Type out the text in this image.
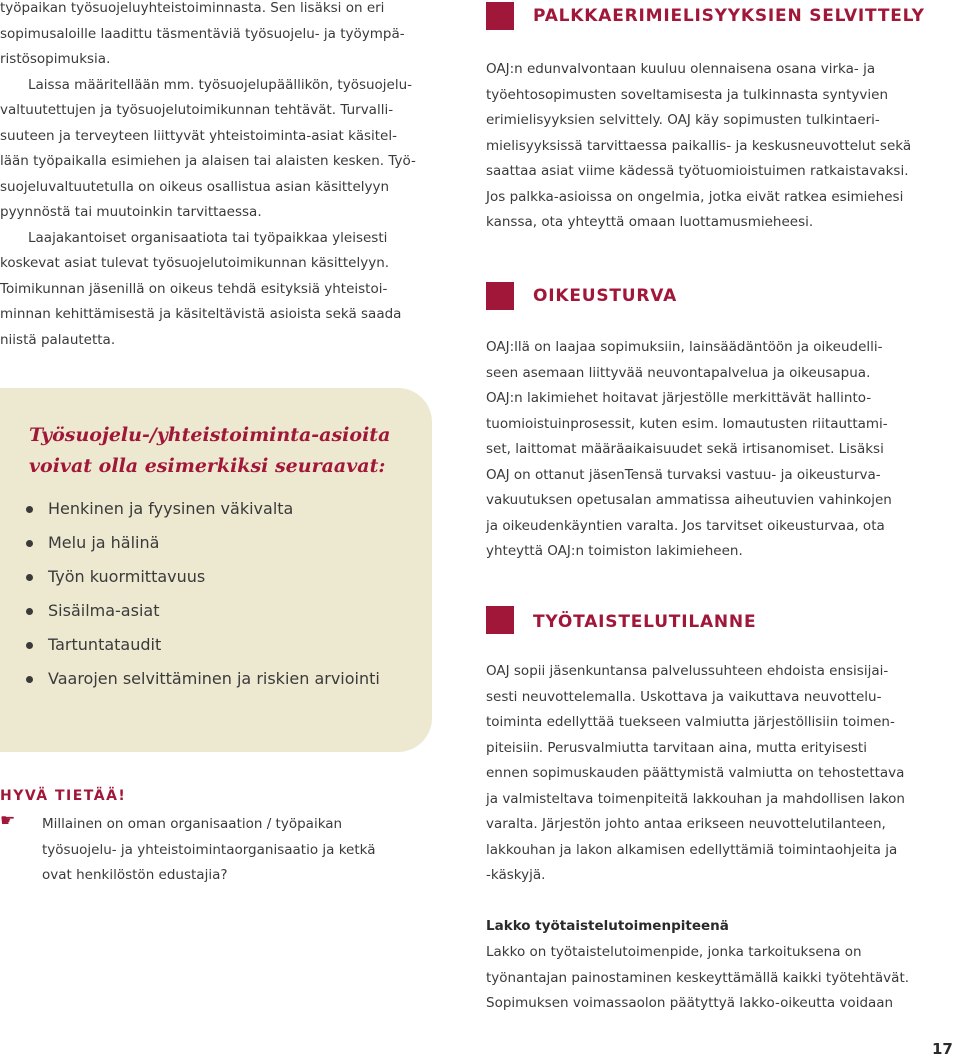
työpaikan työsuojeluyhteistoiminnasta. Sen lisäksi on eri
sopimusaloille laadittu täsmentäviä työsuojelu- ja työympä-
ristösopimuksia.
Laissa määritellään mm. työsuojelupäällikön, työsuojelu-
valtuutettujen ja työsuojelutoimikunnan tehtävät. Turvalli-
suuteen ja terveyteen liittyvät yhteistoiminta-asiat käsitel-
lään työpaikalla esimiehen ja alaisen tai alaisten kesken. Työ-
suojeluvaltuutetulla on oikeus osallistua asian käsittelyyn
pyynnöstä tai muutoinkin tarvittaessa.
Laajakantoiset organisaatiota tai työpaikkaa yleisesti
koskevat asiat tulevat työsuojelutoimikunnan käsittelyyn.
Toimikunnan jäsenillä on oikeus tehdä esityksiä yhteistoi-
minnan kehittämisestä ja käsiteltävistä asioista sekä saada
niistä palautetta.
Työsuojelu-/yhteistoiminta-asioita
voivat olla esimerkiksi seuraavat:
Henkinen ja fyysinen väkivalta
Melu ja hälinä
Työn kuormittavuus
Sisäilma-asiat
Tartuntataudit
Vaarojen selvittäminen ja riskien arviointi
HYVÄ TIETÄÄ!
☛	Millainen on oman organisaation / työpaikan
työsuojelu- ja yhteistoimintaorganisaatio ja ketkä
ovat henkilöstön edustajia?
PALKKAERIMIELISYYKSIEN SELVITTELY
OAJ:n edunvalvontaan kuuluu olennaisena osana virka- ja
työehtosopimusten soveltamisesta ja tulkinnasta syntyvien
erimielisyyksien selvittely. OAJ käy sopimusten tulkintaeri-
mielisyyksissä tarvittaessa paikallis- ja keskusneuvottelut sekä
saattaa asiat viime kädessä työtuomioistuimen ratkaistavaksi.
Jos palkka-asioissa on ongelmia, jotka eivät ratkea esimiehesi
kanssa, ota yhteyttä omaan luottamusmieheesi.
OIKEUSTURVA
OAJ:llä on laajaa sopimuksiin, lainsäädäntöön ja oikeudelli-
seen asemaan liittyvää neuvontapalvelua ja oikeusapua.
OAJ:n lakimiehet hoitavat järjestölle merkittävät hallinto-
tuomioistuinprosessit, kuten esim. lomautusten riitauttami-
set, laittomat määräaikaisuudet sekä irtisanomiset. Lisäksi
OAJ on ottanut jäsenTensä turvaksi vastuu- ja oikeusturva-
vakuutuksen opetusalan ammatissa aiheutuvien vahinkojen
ja oikeudenkäyntien varalta. Jos tarvitset oikeusturvaa, ota
yhteyttä OAJ:n toimiston lakimieheen.
TYÖTAISTELUTILANNE
OAJ sopii jäsenkuntansa palvelussuhteen ehdoista ensisijai-
sesti neuvottelemalla. Uskottava ja vaikuttava neuvottelu-
toiminta edellyttää tuekseen valmiutta järjestöllisiin toimen-
piteisiin. Perusvalmiutta tarvitaan aina, mutta erityisesti
ennen sopimuskauden päättymistä valmiutta on tehostettava
ja valmisteltava toimenpiteitä lakkouhan ja mahdollisen lakon
varalta. Järjestön johto antaa erikseen neuvottelutilanteen,
lakkouhan ja lakon alkamisen edellyttämiä toimintaohjeita ja
-käskyjä.
Lakko työtaistelutoimenpiteenä
Lakko on työtaistelutoimenpide, jonka tarkoituksena on
työnantajan painostaminen keskeyttämällä kaikki työtehtävät.
Sopimuksen voimassaolon päätyttyä lakko-oikeutta voidaan
17
